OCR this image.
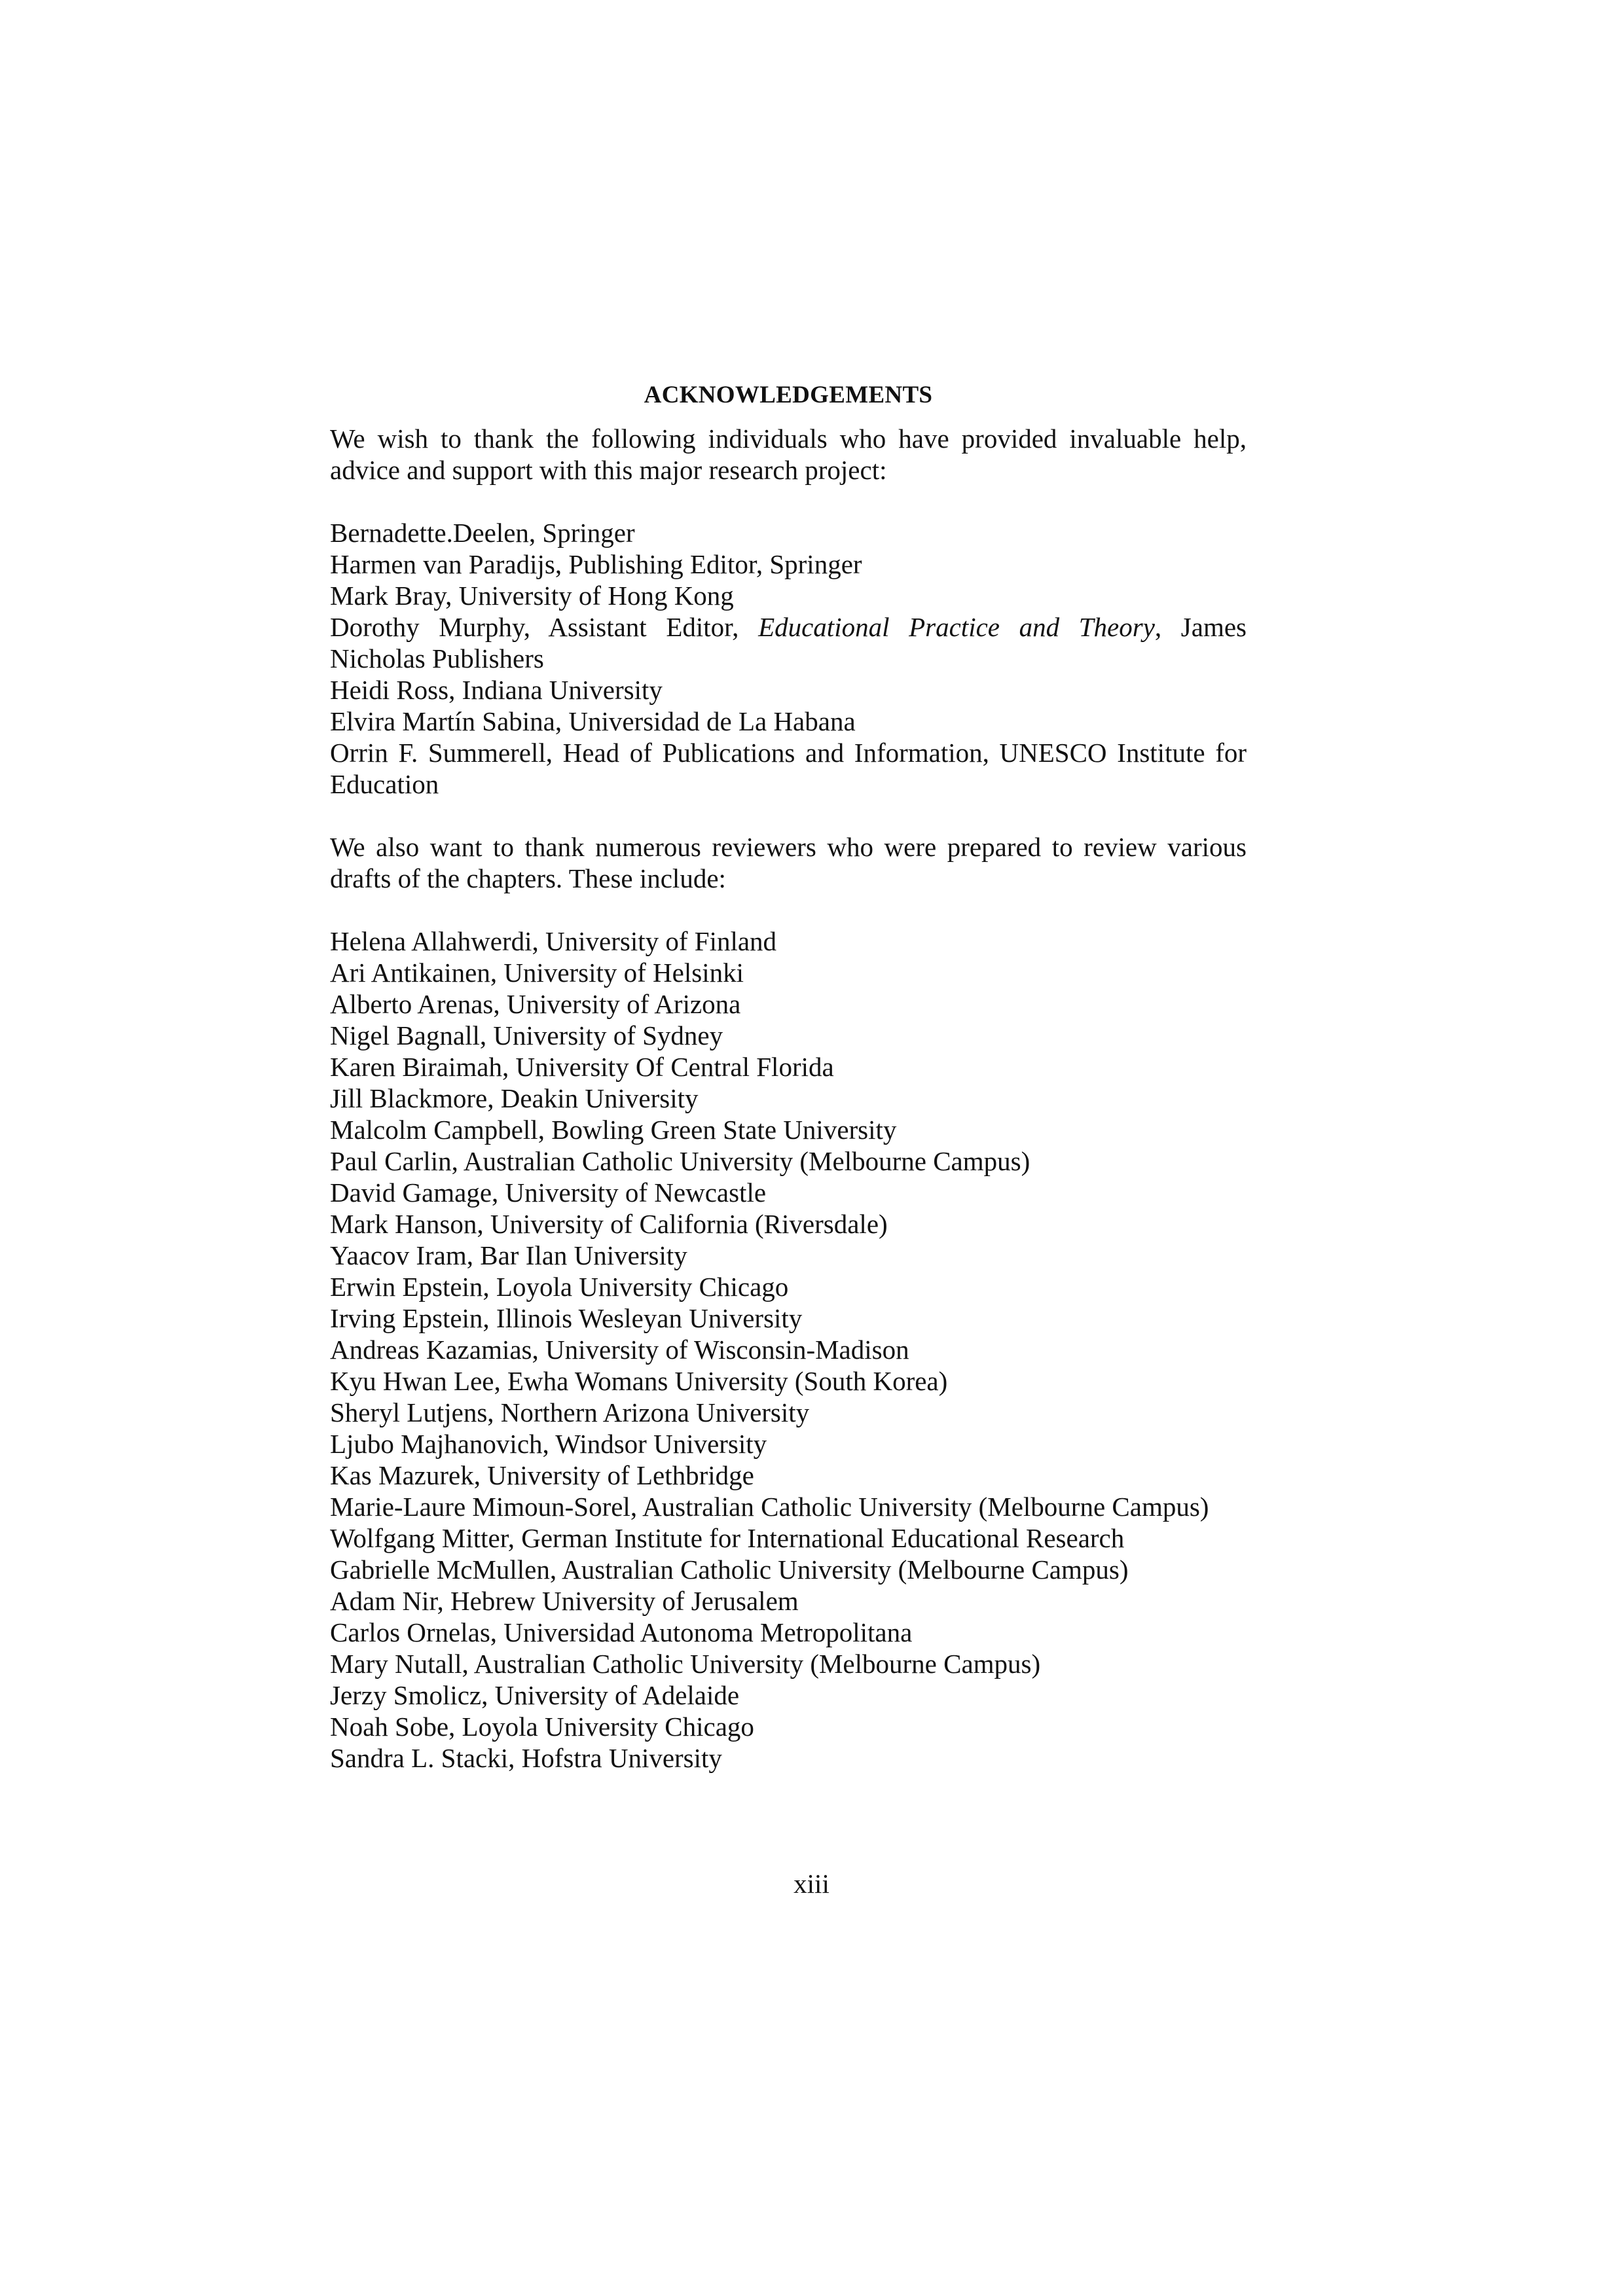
ACKNOWLEDGEMENTS

We wish to thank the following individuals who have provided invaluable help, advice and support with this major research project:

Bernadette.Deelen, Springer
Harmen van Paradijs, Publishing Editor, Springer
Mark Bray, University of Hong Kong
Dorothy Murphy, Assistant Editor, Educational Practice and Theory, James Nicholas Publishers
Heidi Ross, Indiana University
Elvira Martín Sabina, Universidad de La Habana
Orrin F. Summerell, Head of Publications and Information, UNESCO Institute for Education

We also want to thank numerous reviewers who were prepared to review various drafts of the chapters. These include:

Helena Allahwerdi, University of Finland
Ari Antikainen, University of Helsinki
Alberto Arenas, University of Arizona
Nigel Bagnall, University of Sydney
Karen Biraimah, University Of Central Florida
Jill Blackmore, Deakin University
Malcolm Campbell, Bowling Green State University
Paul Carlin, Australian Catholic University (Melbourne Campus)
David Gamage, University of Newcastle
Mark Hanson, University of California (Riversdale)
Yaacov Iram, Bar Ilan University
Erwin Epstein, Loyola University Chicago
Irving Epstein, Illinois Wesleyan University
Andreas Kazamias, University of Wisconsin-Madison
Kyu Hwan Lee, Ewha Womans University (South Korea)
Sheryl Lutjens, Northern Arizona University
Ljubo Majhanovich, Windsor University
Kas Mazurek, University of Lethbridge
Marie-Laure Mimoun-Sorel, Australian Catholic University (Melbourne Campus)
Wolfgang Mitter, German Institute for International Educational Research
Gabrielle McMullen, Australian Catholic University (Melbourne Campus)
Adam Nir, Hebrew University of Jerusalem
Carlos Ornelas, Universidad Autonoma Metropolitana
Mary Nutall, Australian Catholic University (Melbourne Campus)
Jerzy Smolicz, University of Adelaide
Noah Sobe, Loyola University Chicago
Sandra L. Stacki, Hofstra University
xiii
